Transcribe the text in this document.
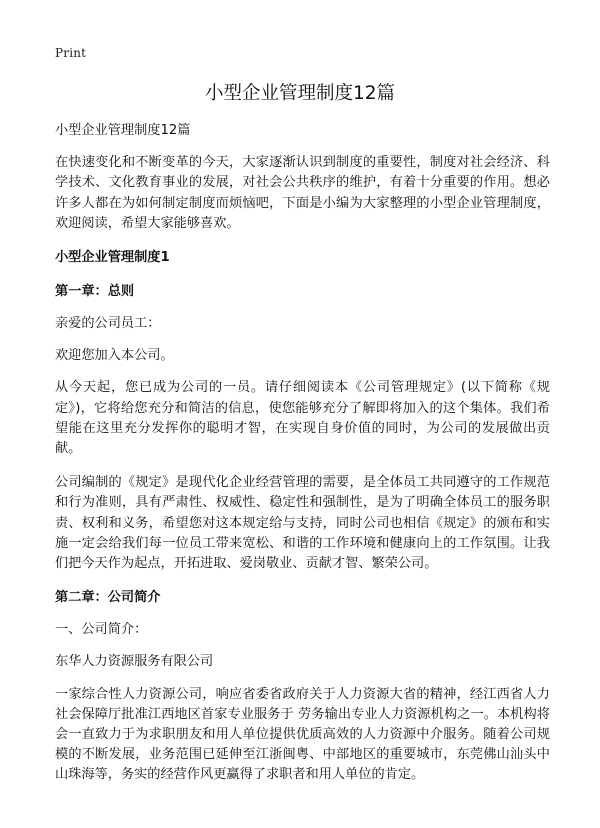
Print
小型企业管理制度12篇

小型企业管理制度12篇

在快速变化和不断变革的今天，大家逐渐认识到制度的重要性，制度对社会经济、科学技术、文化教育事业的发展，对社会公共秩序的维护，有着十分重要的作用。想必许多人都在为如何制定制度而烦恼吧，下面是小编为大家整理的小型企业管理制度，欢迎阅读，希望大家能够喜欢。

小型企业管理制度1
第一章：总则

亲爱的公司员工：

欢迎您加入本公司。

从今天起，您已成为公司的一员。请仔细阅读本《公司管理规定》(以下简称《规定》)，它将给您充分和简洁的信息，使您能够充分了解即将加入的这个集体。我们希望能在这里充分发挥你的聪明才智，在实现自身价值的同时，为公司的发展做出贡献。

公司编制的《规定》是现代化企业经营管理的需要，是全体员工共同遵守的工作规范和行为准则，具有严肃性、权威性、稳定性和强制性，是为了明确全体员工的服务职责、权利和义务，希望您对这本规定给与支持，同时公司也相信《规定》的颁布和实施一定会给我们每一位员工带来宽松、和谐的工作环境和健康向上的工作氛围。让我们把今天作为起点，开拓进取、爱岗敬业、贡献才智、繁荣公司。

第二章：公司简介

一、公司简介：

东华人力资源服务有限公司

一家综合性人力资源公司，响应省委省政府关于人力资源大省的精神，经江西省人力社会保障厅批准江西地区首家专业服务于 劳务输出专业人力资源机构之一。本机构将会一直致力于为求职朋友和用人单位提供优质高效的人力资源中介服务。随着公司规模的不断发展，业务范围已延伸至江浙闽粤、中部地区的重要城市，东莞佛山汕头中山珠海等，务实的经营作风更赢得了求职者和用人单位的肯定。
